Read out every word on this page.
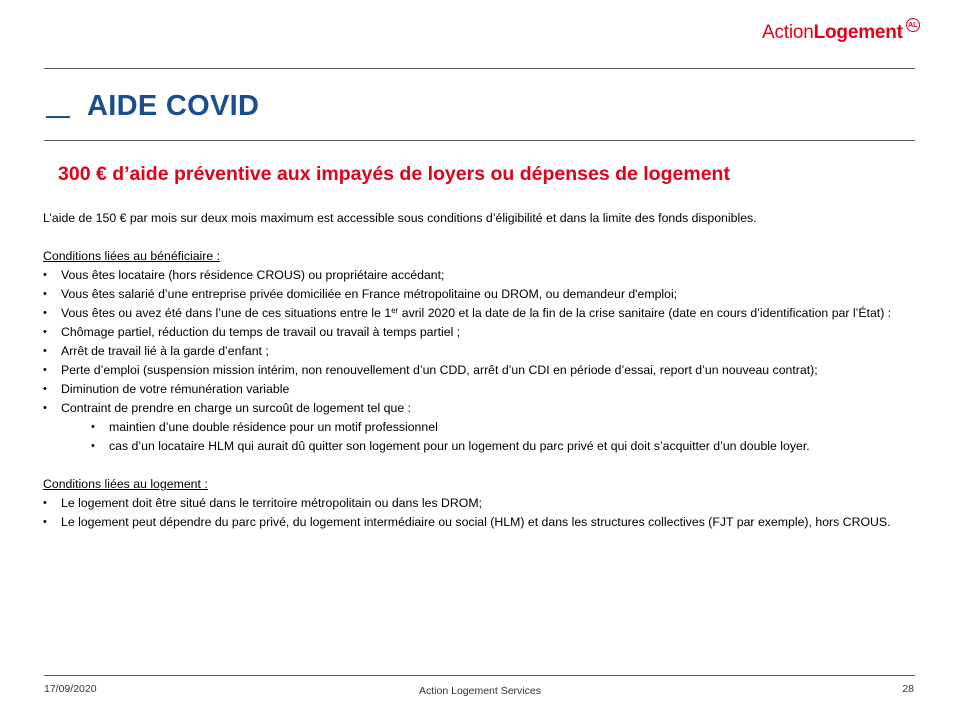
ActionLogement AL
AIDE COVID
300 € d’aide préventive aux impayés de loyers ou dépenses de logement

L’aide de 150 € par mois sur deux mois maximum est accessible sous conditions d’éligibilité et dans la limite des fonds disponibles.

Conditions liées au bénéficiaire :

• Vous êtes locataire (hors résidence CROUS) ou propriétaire accédant;
• Vous êtes salarié d’une entreprise privée domiciliée en France métropolitaine ou DROM, ou demandeur d'emploi;
• Vous êtes ou avez été dans l’une de ces situations entre le 1er avril 2020 et la date de la fin de la crise sanitaire (date en cours d’identification par l’État) :
• Chômage partiel, réduction du temps de travail ou travail à temps partiel ;
• Arrêt de travail lié à la garde d’enfant ;
• Perte d’emploi (suspension mission intérim, non renouvellement d’un CDD, arrêt d’un CDI en période d’essai, report d’un nouveau contrat);
• Diminution de votre rémunération variable
• Contraint de prendre en charge un surcoût de logement tel que :
• maintien d’une double résidence pour un motif professionnel
• cas d’un locataire HLM qui aurait dû quitter son logement pour un logement du parc privé et qui doit s’acquitter d’un double loyer.

Conditions liées au logement :

• Le logement doit être situé dans le territoire métropolitain ou dans les DROM;
• Le logement peut dépendre du parc privé, du logement intermédiaire ou social (HLM) et dans les structures collectives (FJT par exemple), hors CROUS.
17/09/2020	Action Logement Services	28
